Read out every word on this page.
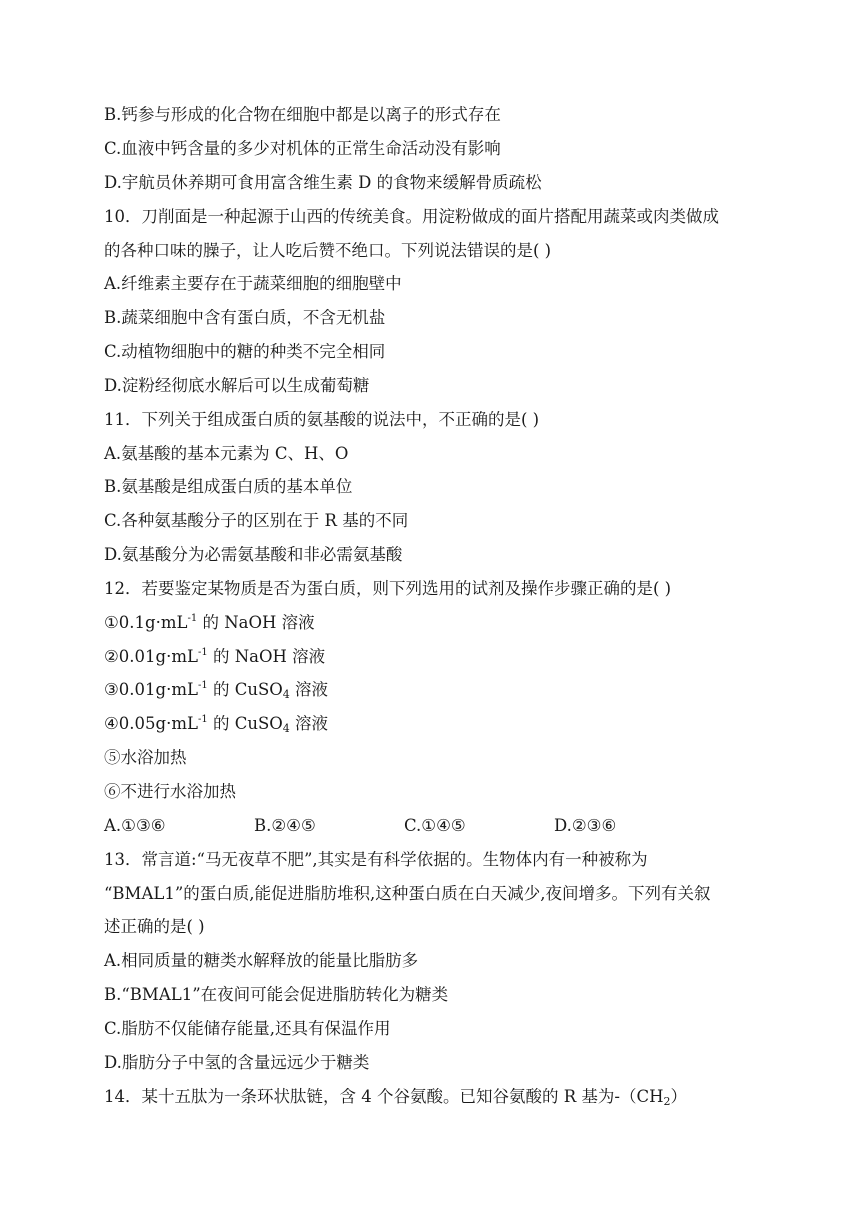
B.钙参与形成的化合物在细胞中都是以离子的形式存在
C.血液中钙含量的多少对机体的正常生命活动没有影响
D.宇航员休养期可食用富含维生素 D 的食物来缓解骨质疏松
10．刀削面是一种起源于山西的传统美食。用淀粉做成的面片搭配用蔬菜或肉类做成
的各种口味的臊子，让人吃后赞不绝口。下列说法错误的是( )
A.纤维素主要存在于蔬菜细胞的细胞壁中
B.蔬菜细胞中含有蛋白质，不含无机盐
C.动植物细胞中的糖的种类不完全相同
D.淀粉经彻底水解后可以生成葡萄糖
11．下列关于组成蛋白质的氨基酸的说法中，不正确的是( )
A.氨基酸的基本元素为 C、H、O
B.氨基酸是组成蛋白质的基本单位
C.各种氨基酸分子的区别在于 R 基的不同
D.氨基酸分为必需氨基酸和非必需氨基酸
12．若要鉴定某物质是否为蛋白质，则下列选用的试剂及操作步骤正确的是( )
$①0.1g\cdot mL^{-1}$ 的 NaOH 溶液
$②0.01g\cdot mL^{-1}$ 的 NaOH 溶液
$③0.01g\cdot mL^{-1}$ 的 CuSO$_4$ 溶液
$④0.05g\cdot mL^{-1}$ 的 CuSO$_4$ 溶液
⑤水浴加热
⑥不进行水浴加热
A.①③⑥	B.②④⑤	C.①④⑤	D.②③⑥
13．常言道:“马无夜草不肥”,其实是有科学依据的。生物体内有一种被称为
“BMAL1”的蛋白质,能促进脂肪堆积,这种蛋白质在白天减少,夜间增多。下列有关叙
述正确的是( )
A.相同质量的糖类水解释放的能量比脂肪多
B.“BMAL1”在夜间可能会促进脂肪转化为糖类
C.脂肪不仅能储存能量,还具有保温作用
D.脂肪分子中氢的含量远远少于糖类
14．某十五肽为一条环状肽链，含 4 个谷氨酸。已知谷氨酸的 R 基为$-(CH_2)$
